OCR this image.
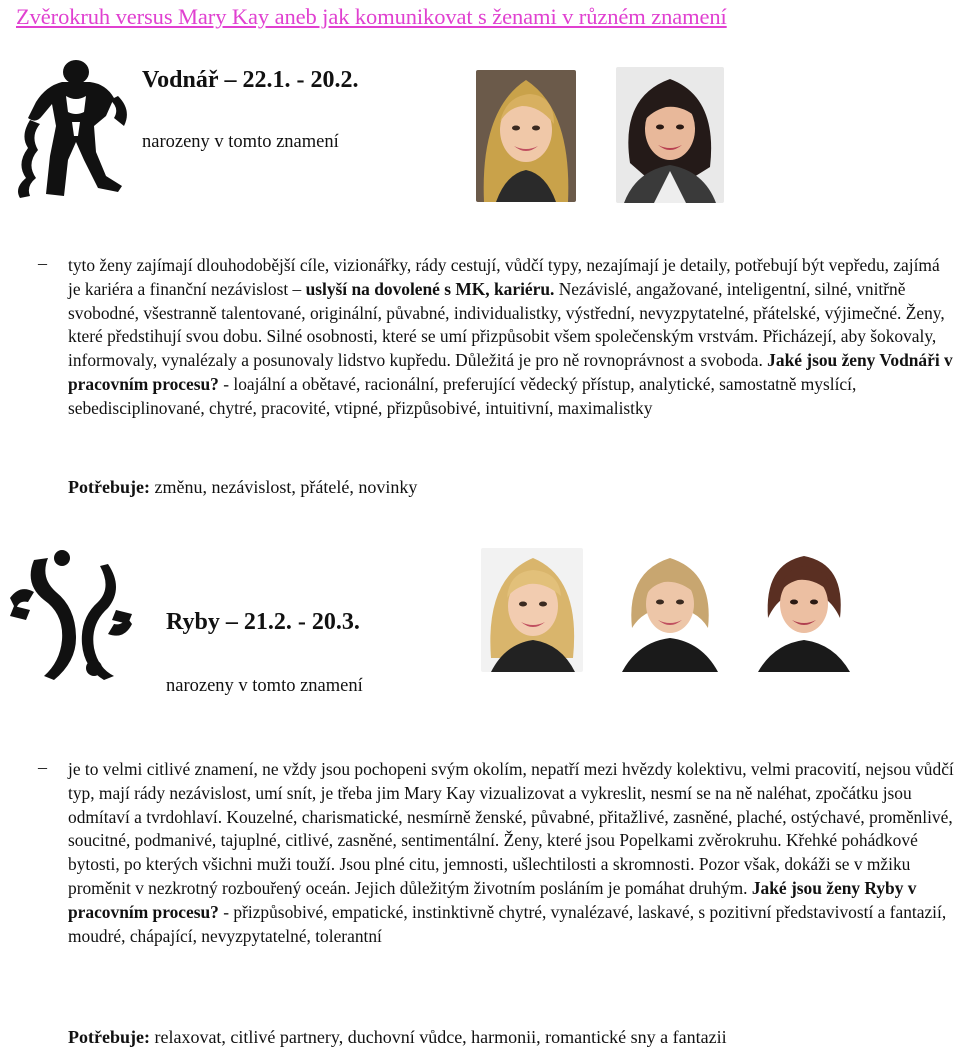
Zvěrokruh versus Mary Kay aneb jak komunikovat s ženami v různém znamení
Vodnář – 22.1. - 20.2.
narozeny v tomto znamení
– tyto ženy zajímají dlouhodobější cíle, vizionářky, rády cestují, vůdčí typy, nezajímají je detaily, potřebují být vepředu, zajímá je kariéra a finanční nezávislost – uslyší na dovolené s MK, kariéru. Nezávislé, angažované, inteligentní, silné, vnitřně svobodné, všestranně talentované, originální, půvabné, individualistky, výstřední, nevyzpytatelné, přátelské, výjimečné. Ženy, které předstihují svou dobu. Silné osobnosti, které se umí přizpůsobit všem společenským vrstvám. Přicházejí, aby šokovaly, informovaly, vynalézaly a posunovaly lidstvo kupředu. Důležitá je pro ně rovnoprávnost a svoboda. Jaké jsou ženy Vodnáři v pracovním procesu? - loajální a obětavé, racionální, preferující vědecký přístup, analytické, samostatně myslící, sebedisciplinované, chytré, pracovité, vtipné, přizpůsobivé, intuitivní, maximalistky
Potřebuje: změnu, nezávislost, přátelé, novinky
Ryby – 21.2. - 20.3.
narozeny v tomto znamení
– je to velmi citlivé znamení, ne vždy jsou pochopeni svým okolím, nepatří mezi hvězdy kolektivu, velmi pracovití, nejsou vůdčí typ, mají rády nezávislost, umí snít, je třeba jim Mary Kay vizualizovat a vykreslit, nesmí se na ně naléhat, zpočátku jsou odmítaví a tvrdohlaví. Kouzelné, charismatické, nesmírně ženské, půvabné, přitažlivé, zasněné, plaché, ostýchavé, proměnlivé, soucitné, podmanivé, tajuplné, citlivé, zasněné, sentimentální. Ženy, které jsou Popelkami zvěrokruhu. Křehké pohádkové bytosti, po kterých všichni muži touží. Jsou plné citu, jemnosti, ušlechtilosti a skromnosti. Pozor však, dokáži se v mžiku proměnit v nezkrotný rozbouřený oceán. Jejich důležitým životním posláním je pomáhat druhým. Jaké jsou ženy Ryby v pracovním procesu? - přizpůsobivé, empatické, instinktivně chytré, vynalézavé, laskavé, s pozitivní představivostí a fantazií, moudré, chápající, nevyzpytatelné, tolerantní
Potřebuje: relaxovat, citlivé partnery, duchovní vůdce, harmonii, romantické sny a fantazii
